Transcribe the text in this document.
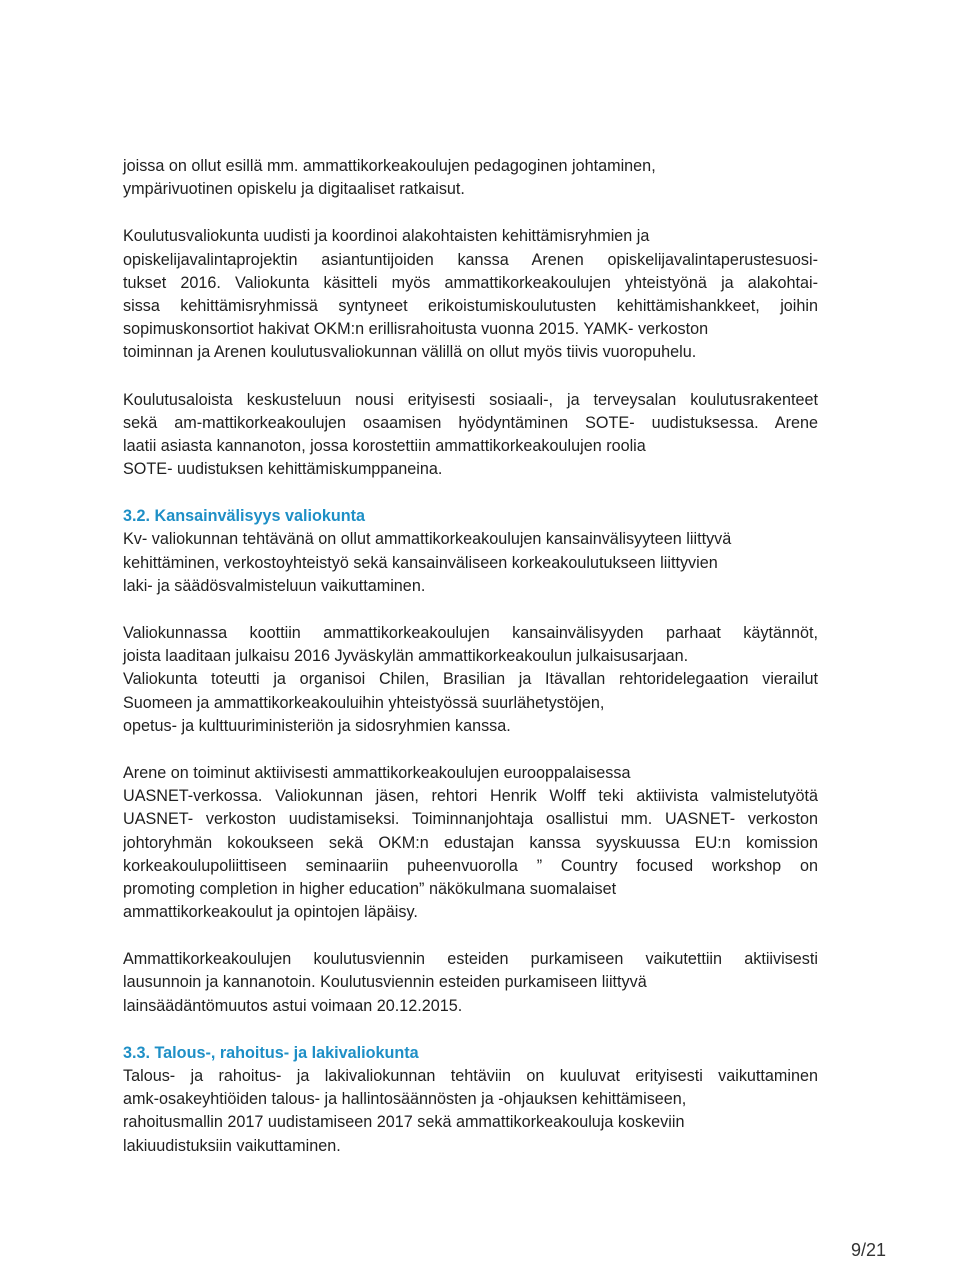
joissa on ollut esillä mm. ammattikorkeakoulujen pedagoginen johtaminen,
ympärivuotinen opiskelu ja digitaaliset ratkaisut.
Koulutusvaliokunta uudisti ja koordinoi alakohtaisten kehittämisryhmien ja
opiskelijavalintaprojektin asiantuntijoiden kanssa Arenen opiskelijavalintaperustesuosi-
tukset 2016. Valiokunta käsitteli myös ammattikorkeakoulujen yhteistyönä ja alakohtai-
sissa kehittämisryhmissä syntyneet erikoistumiskoulutusten kehittämishankkeet, joihin
sopimuskonsortiot hakivat OKM:n erillisrahoitusta vuonna 2015. YAMK- verkoston
toiminnan ja Arenen koulutusvaliokunnan välillä on ollut myös tiivis vuoropuhelu.
Koulutusaloista keskusteluun nousi erityisesti sosiaali-, ja terveysalan koulutusrakenteet
sekä am-mattikorkeakoulujen osaamisen hyödyntäminen SOTE- uudistuksessa. Arene
laatii asiasta kannanoton, jossa korostettiin ammattikorkeakoulujen roolia
SOTE- uudistuksen kehittämiskumppaneina.
3.2. Kansainvälisyys valiokunta
Kv- valiokunnan tehtävänä on ollut ammattikorkeakoulujen kansainvälisyyteen liittyvä
kehittäminen, verkostoyhteistyö sekä kansainväliseen korkeakoulutukseen liittyvien
laki- ja säädösvalmisteluun vaikuttaminen.
Valiokunnassa koottiin ammattikorkeakoulujen kansainvälisyyden parhaat käytännöt,
joista laaditaan julkaisu 2016 Jyväskylän ammattikorkeakoulun julkaisusarjaan.
Valiokunta toteutti ja organisoi Chilen, Brasilian ja Itävallan rehtoridelegaation vierailut
Suomeen ja ammattikorkeakouluihin yhteistyössä suurlähetystöjen,
opetus- ja kulttuuriministeriön ja sidosryhmien kanssa.
Arene on toiminut aktiivisesti ammattikorkeakoulujen eurooppalaisessa
UASNET-verkossa. Valiokunnan jäsen, rehtori Henrik Wolff teki aktiivista valmistelutyötä
UASNET- verkoston uudistamiseksi. Toiminnanjohtaja osallistui mm. UASNET- verkoston
johtoryhmän kokoukseen sekä OKM:n edustajan kanssa syyskuussa EU:n komission
korkeakoulupoliittiseen seminaariin puheenvuorolla ” Country focused workshop on
promoting completion in higher education” näkökulmana suomalaiset
ammattikorkeakoulut ja opintojen läpäisy.
Ammattikorkeakoulujen koulutusviennin esteiden purkamiseen vaikutettiin aktiivisesti
lausunnoin ja kannanotoin. Koulutusviennin esteiden purkamiseen liittyvä
lainsäädäntömuutos astui voimaan 20.12.2015.
3.3. Talous-, rahoitus- ja lakivaliokunta
Talous- ja rahoitus- ja lakivaliokunnan tehtäviin on kuuluvat erityisesti vaikuttaminen
amk-osakeyhtiöiden talous- ja hallintosäännösten ja -ohjauksen kehittämiseen,
rahoitusmallin 2017 uudistamiseen 2017 sekä ammattikorkeakouluja koskeviin
lakiuudistuksiin vaikuttaminen.
9/21
